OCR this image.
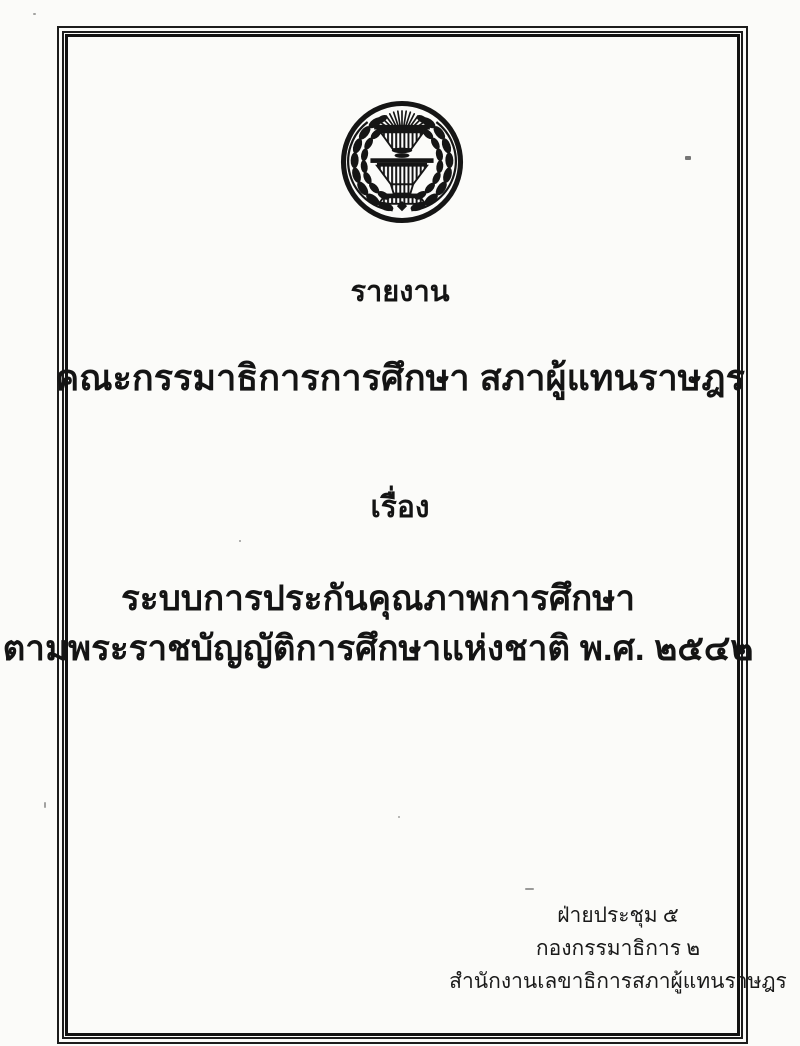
รายงาน
คณะกรรมาธิการการศึกษา สภาผู้แทนราษฎร
เรื่อง
ระบบการประกันคุณภาพการศึกษา
ตามพระราชบัญญัติการศึกษาแห่งชาติ พ.ศ. ๒๕๔๒
ฝ่ายประชุม ๕
กองกรรมาธิการ ๒
สำนักงานเลขาธิการสภาผู้แทนราษฎร
